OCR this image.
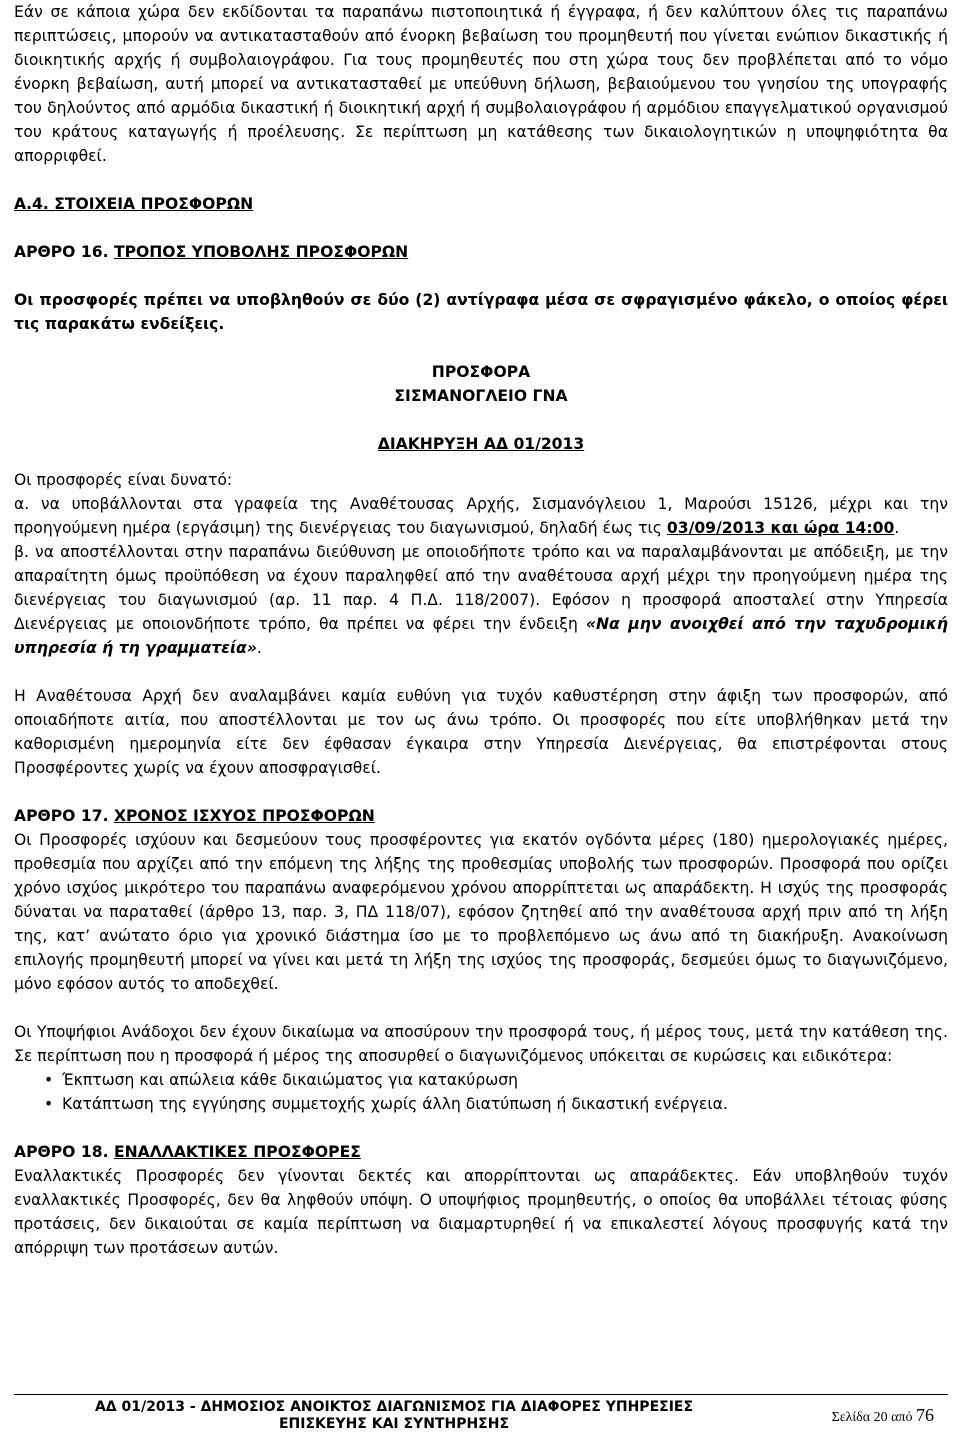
Εάν σε κάποια χώρα δεν εκδίδονται τα παραπάνω πιστοποιητικά ή έγγραφα, ή δεν καλύπτουν όλες τις παραπάνω περιπτώσεις, μπορούν να αντικατασταθούν από ένορκη βεβαίωση του προμηθευτή που γίνεται ενώπιον δικαστικής ή διοικητικής αρχής ή συμβολαιογράφου. Για τους προμηθευτές που στη χώρα τους δεν προβλέπεται από το νόμο ένορκη βεβαίωση, αυτή μπορεί να αντικατασταθεί με υπεύθυνη δήλωση, βεβαιούμενου του γνησίου της υπογραφής του δηλούντος από αρμόδια δικαστική ή διοικητική αρχή ή συμβολαιογράφου ή αρμόδιου επαγγελματικού οργανισμού του κράτους καταγωγής ή προέλευσης. Σε περίπτωση μη κατάθεσης των δικαιολογητικών η υποψηφιότητα θα απορριφθεί.

Α.4. ΣΤΟΙΧΕΙΑ ΠΡΟΣΦΟΡΩΝ

ΑΡΘΡΟ 16. ΤΡΟΠΟΣ ΥΠΟΒΟΛΗΣ ΠΡΟΣΦΟΡΩΝ

Οι προσφορές πρέπει να υποβληθούν σε δύο (2) αντίγραφα μέσα σε σφραγισμένο φάκελο, ο οποίος φέρει τις παρακάτω ενδείξεις.

ΠΡΟΣΦΟΡΑ

ΣΙΣΜΑΝΟΓΛΕΙΟ ΓΝΑ

ΔΙΑΚΗΡΥΞΗ ΑΔ 01/2013

Οι προσφορές είναι δυνατό:

α. να υποβάλλονται στα γραφεία της Αναθέτουσας Αρχής, Σισμανόγλειου 1, Μαρούσι 15126, μέχρι και την προηγούμενη ημέρα (εργάσιμη) της διενέργειας του διαγωνισμού, δηλαδή έως τις 03/09/2013 και ώρα 14:00.

β. να αποστέλλονται στην παραπάνω διεύθυνση με οποιοδήποτε τρόπο και να παραλαμβάνονται με απόδειξη, με την απαραίτητη όμως προϋπόθεση να έχουν παραληφθεί από την αναθέτουσα αρχή μέχρι την προηγούμενη ημέρα της διενέργειας του διαγωνισμού (αρ. 11 παρ. 4 Π.Δ. 118/2007). Εφόσον η προσφορά αποσταλεί στην Υπηρεσία Διενέργειας με οποιονδήποτε τρόπο, θα πρέπει να φέρει την ένδειξη «Να μην ανοιχθεί από την ταχυδρομική υπηρεσία ή τη γραμματεία».

Η Αναθέτουσα Αρχή δεν αναλαμβάνει καμία ευθύνη για τυχόν καθυστέρηση στην άφιξη των προσφορών, από οποιαδήποτε αιτία, που αποστέλλονται με τον ως άνω τρόπο. Οι προσφορές που είτε υποβλήθηκαν μετά την καθορισμένη ημερομηνία είτε δεν έφθασαν έγκαιρα στην Υπηρεσία Διενέργειας, θα επιστρέφονται στους Προσφέροντες χωρίς να έχουν αποσφραγισθεί.

ΑΡΘΡΟ 17. ΧΡΟΝΟΣ ΙΣΧΥΟΣ ΠΡΟΣΦΟΡΩΝ

Οι Προσφορές ισχύουν και δεσμεύουν τους προσφέροντες για εκατόν ογδόντα μέρες (180) ημερολογιακές ημέρες, προθεσμία που αρχίζει από την επόμενη της λήξης της προθεσμίας υποβολής των προσφορών. Προσφορά που ορίζει χρόνο ισχύος μικρότερο του παραπάνω αναφερόμενου χρόνου απορρίπτεται ως απαράδεκτη. Η ισχύς της προσφοράς δύναται να παραταθεί (άρθρο 13, παρ. 3, ΠΔ 118/07), εφόσον ζητηθεί από την αναθέτουσα αρχή πριν από τη λήξη της, κατ’ ανώτατο όριο για χρονικό διάστημα ίσο με το προβλεπόμενο ως άνω από τη διακήρυξη. Ανακοίνωση επιλογής προμηθευτή μπορεί να γίνει και μετά τη λήξη της ισχύος της προσφοράς, δεσμεύει όμως το διαγωνιζόμενο, μόνο εφόσον αυτός το αποδεχθεί.

Οι Υποψήφιοι Ανάδοχοι δεν έχουν δικαίωμα να αποσύρουν την προσφορά τους, ή μέρος τους, μετά την κατάθεση της. Σε περίπτωση που η προσφορά ή μέρος της αποσυρθεί ο διαγωνιζόμενος υπόκειται σε κυρώσεις και ειδικότερα:

• Έκπτωση και απώλεια κάθε δικαιώματος για κατακύρωση
• Κατάπτωση της εγγύησης συμμετοχής χωρίς άλλη διατύπωση ή δικαστική ενέργεια.

ΑΡΘΡΟ 18. ΕΝΑΛΛΑΚΤΙΚΕΣ ΠΡΟΣΦΟΡΕΣ

Εναλλακτικές Προσφορές δεν γίνονται δεκτές και απορρίπτονται ως απαράδεκτες. Εάν υποβληθούν τυχόν εναλλακτικές Προσφορές, δεν θα ληφθούν υπόψη. Ο υποψήφιος προμηθευτής, ο οποίος θα υποβάλλει τέτοιας φύσης προτάσεις, δεν δικαιούται σε καμία περίπτωση να διαμαρτυρηθεί ή να επικαλεστεί λόγους προσφυγής κατά την απόρριψη των προτάσεων αυτών.

ΑΔ 01/2013 - ΔΗΜΟΣΙΟΣ ΑΝΟΙΚΤΟΣ ΔΙΑΓΩΝΙΣΜΟΣ ΓΙΑ ΔΙΑΦΟΡΕΣ ΥΠΗΡΕΣΙΕΣ
ΕΠΙΣΚΕΥΗΣ ΚΑΙ ΣΥΝΤΗΡΗΣΗΣ	Σελίδα 20 από 76
